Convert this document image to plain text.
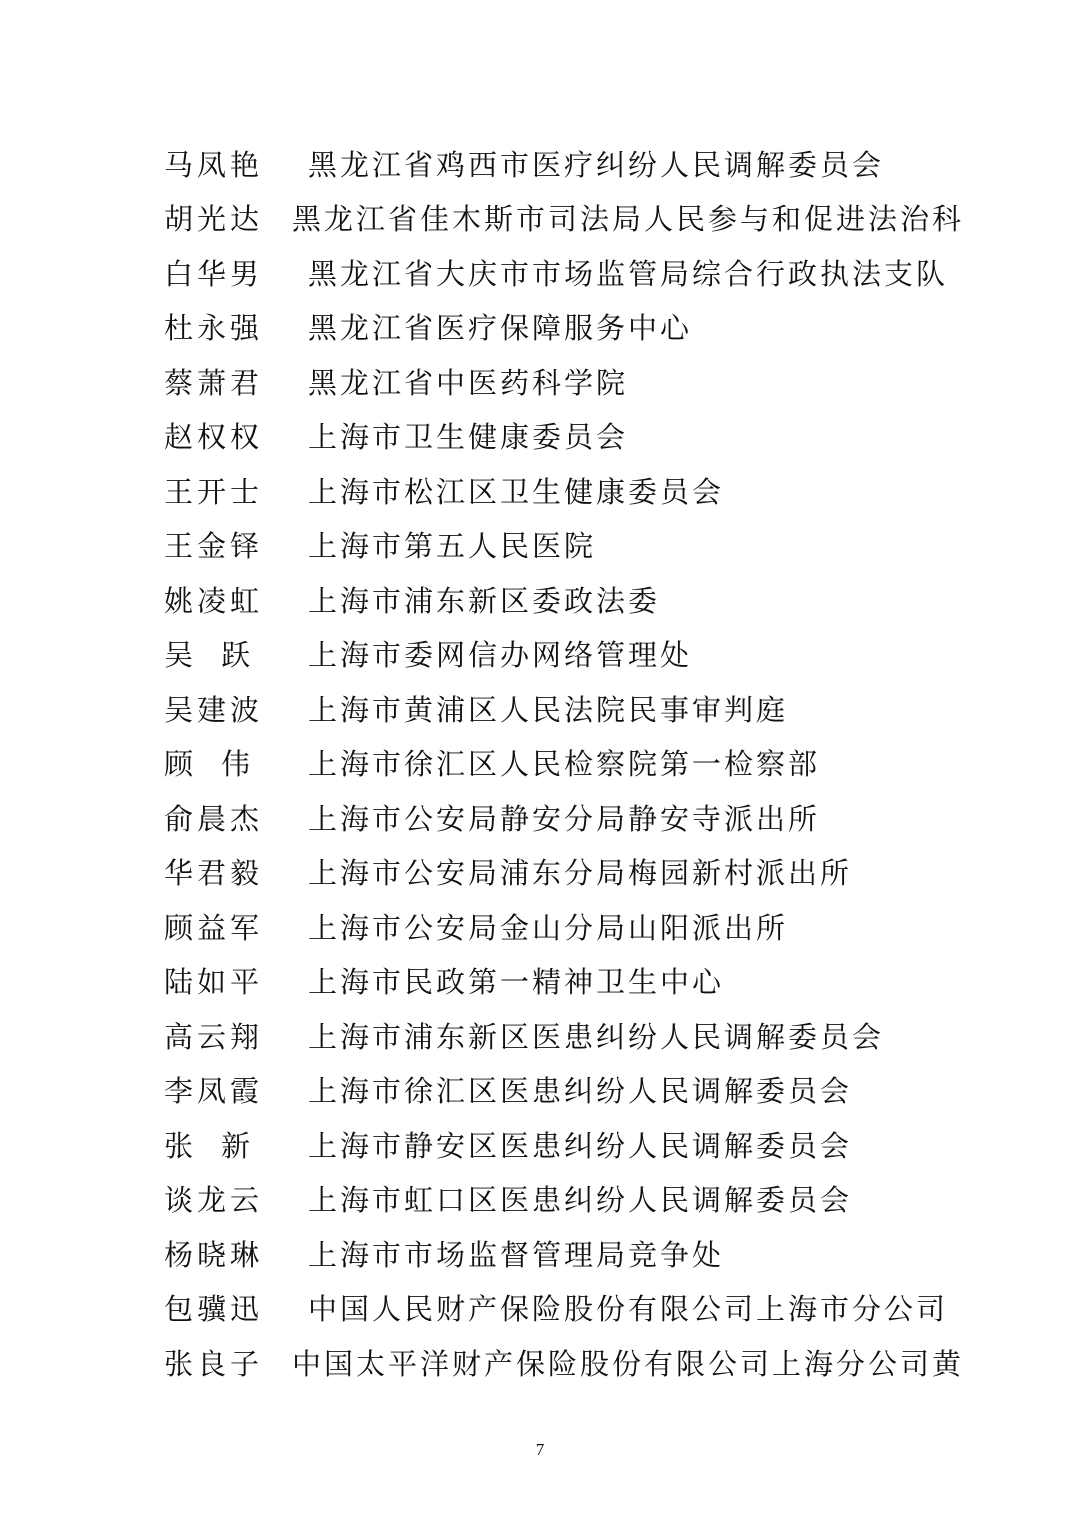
马凤艳	黑龙江省鸡西市医疗纠纷人民调解委员会
胡光达 黑龙江省佳木斯市司法局人民参与和促进法治科
白华男	黑龙江省大庆市市场监管局综合行政执法支队
杜永强	黑龙江省医疗保障服务中心
蔡萧君	黑龙江省中医药科学院
赵权权	上海市卫生健康委员会
王开士	上海市松江区卫生健康委员会
王金铎	上海市第五人民医院
姚凌虹	上海市浦东新区委政法委
吴 跃 上海市委网信办网络管理处
吴建波	上海市黄浦区人民法院民事审判庭
顾 伟 上海市徐汇区人民检察院第一检察部
俞晨杰	上海市公安局静安分局静安寺派出所
华君毅	上海市公安局浦东分局梅园新村派出所
顾益军	上海市公安局金山分局山阳派出所
陆如平	上海市民政第一精神卫生中心
高云翔	上海市浦东新区医患纠纷人民调解委员会
李凤霞	上海市徐汇区医患纠纷人民调解委员会
张 新 上海市静安区医患纠纷人民调解委员会
谈龙云	上海市虹口区医患纠纷人民调解委员会
杨晓琳	上海市市场监督管理局竞争处
包骥迅	中国人民财产保险股份有限公司上海市分公司
张良子 中国太平洋财产保险股份有限公司上海分公司黄
7
